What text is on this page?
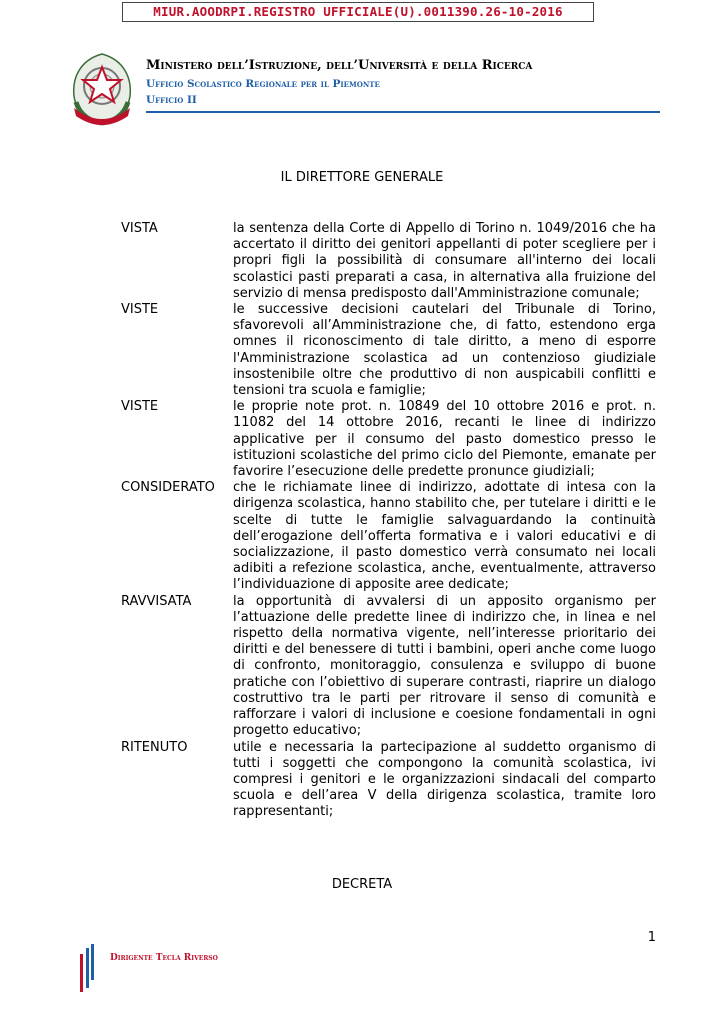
MIUR.AOODRPI.REGISTRO UFFICIALE(U).0011390.26-10-2016
Ministero dell’Istruzione, dell’Università e della Ricerca
Ufficio Scolastico Regionale per il Piemonte
Ufficio II
IL DIRETTORE GENERALE
VISTA	la sentenza della Corte di Appello di Torino n. 1049/2016 che ha accertato il diritto dei genitori appellanti di poter scegliere per i propri figli la possibilità di consumare all'interno dei locali scolastici pasti preparati a casa, in alternativa alla fruizione del servizio di mensa predisposto dall'Amministrazione comunale;
VISTE	le successive decisioni cautelari del Tribunale di Torino, sfavorevoli all’Amministrazione che, di fatto, estendono erga omnes il riconoscimento di tale diritto, a meno di esporre l'Amministrazione scolastica ad un contenzioso giudiziale insostenibile oltre che produttivo di non auspicabili conflitti e tensioni tra scuola e famiglie;
VISTE	le proprie note prot. n. 10849 del 10 ottobre 2016 e prot. n. 11082 del 14 ottobre 2016, recanti le linee di indirizzo applicative per il consumo del pasto domestico presso le istituzioni scolastiche del primo ciclo del Piemonte, emanate per favorire l’esecuzione delle predette pronunce giudiziali;
CONSIDERATO	che le richiamate linee di indirizzo, adottate di intesa con la dirigenza scolastica, hanno stabilito che, per tutelare i diritti e le scelte di tutte le famiglie salvaguardando la continuità dell’erogazione dell’offerta formativa e i valori educativi e di socializzazione, il pasto domestico verrà consumato nei locali adibiti a refezione scolastica, anche, eventualmente, attraverso l’individuazione di apposite aree dedicate;
RAVVISATA	la opportunità di avvalersi di un apposito organismo per l’attuazione delle predette linee di indirizzo che, in linea e nel rispetto della normativa vigente, nell’interesse prioritario dei diritti e del benessere di tutti i bambini, operi anche come luogo di confronto, monitoraggio, consulenza e sviluppo di buone pratiche con l’obiettivo di superare contrasti, riaprire un dialogo costruttivo tra le parti per ritrovare il senso di comunità e rafforzare i valori di inclusione e coesione fondamentali in ogni progetto educativo;
RITENUTO	utile e necessaria la partecipazione al suddetto organismo di tutti i soggetti che compongono la comunità scolastica, ivi compresi i genitori e le organizzazioni sindacali del comparto scuola e dell’area V della dirigenza scolastica, tramite loro rappresentanti;
DECRETA
1
Dirigente Tecla Riverso
